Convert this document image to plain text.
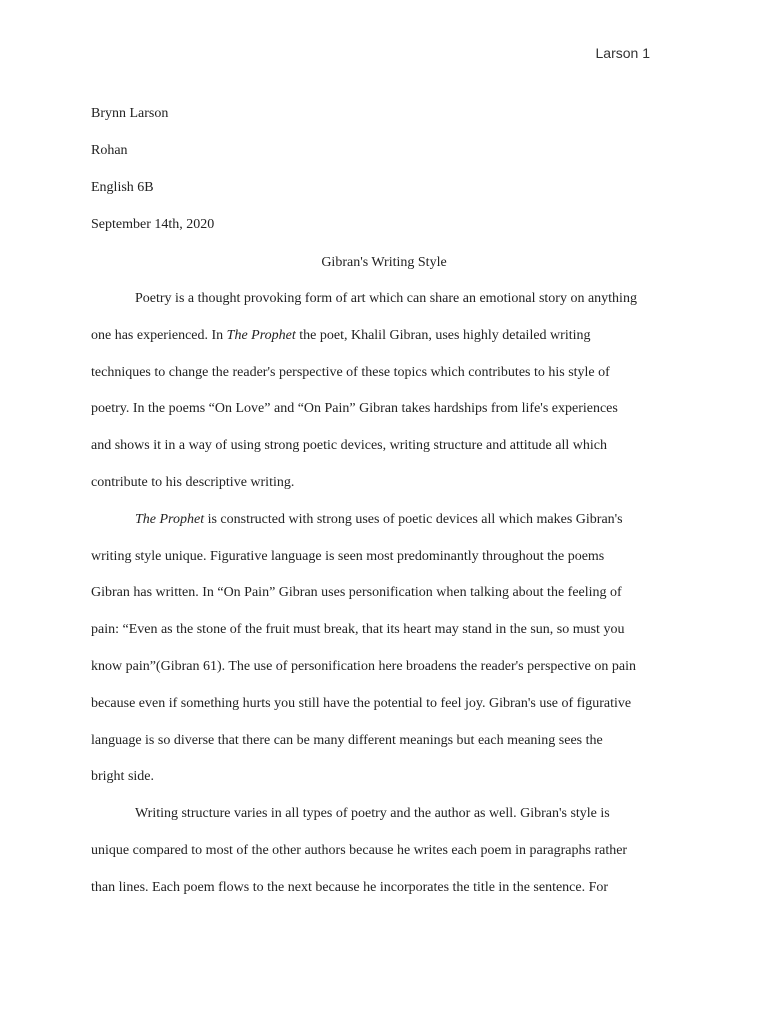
Larson 1
Brynn Larson
Rohan
English 6B
September 14th, 2020
Gibran's Writing Style
Poetry is a thought provoking form of art which can share an emotional story on anything
one has experienced. In The Prophet the poet, Khalil Gibran, uses highly detailed writing
techniques to change the reader's perspective of these topics which contributes to his style of
poetry. In the poems “On Love” and “On Pain” Gibran takes hardships from life's experiences
and shows it in a way of using strong poetic devices, writing structure and attitude all which
contribute to his descriptive writing.
The Prophet is constructed with strong uses of poetic devices all which makes Gibran's
writing style unique. Figurative language is seen most predominantly throughout the poems
Gibran has written. In “On Pain” Gibran uses personification when talking about the feeling of
pain: “Even as the stone of the fruit must break, that its heart may stand in the sun, so must you
know pain”(Gibran 61). The use of personification here broadens the reader's perspective on pain
because even if something hurts you still have the potential to feel joy. Gibran's use of figurative
language is so diverse that there can be many different meanings but each meaning sees the
bright side.
Writing structure varies in all types of poetry and the author as well. Gibran's style is
unique compared to most of the other authors because he writes each poem in paragraphs rather
than lines. Each poem flows to the next because he incorporates the title in the sentence. For
